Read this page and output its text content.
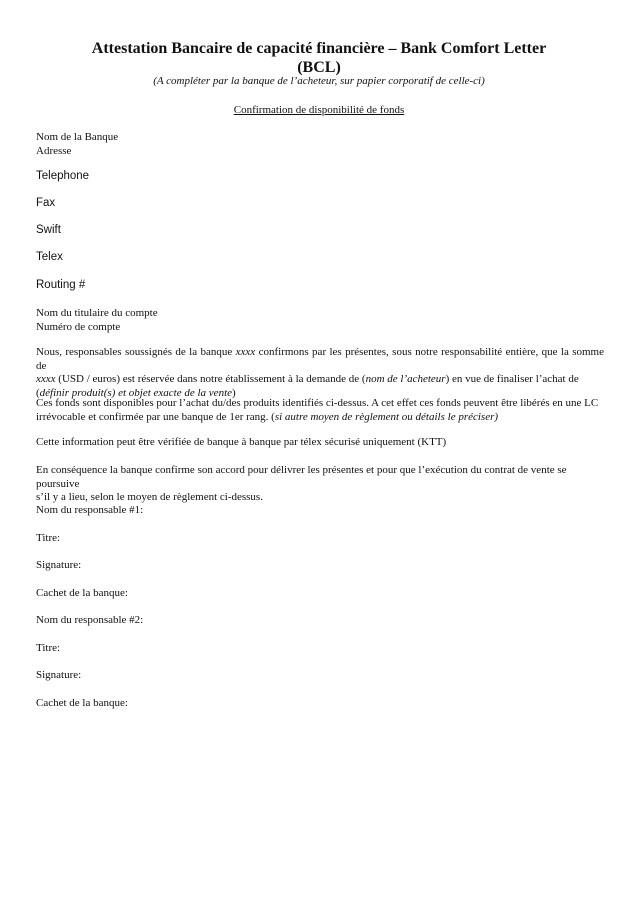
Attestation Bancaire de capacité financière – Bank Comfort Letter
(BCL)
(A compléter par la banque de l’acheteur, sur papier corporatif de celle-ci)
Confirmation de disponibilité de fonds
Nom de la Banque
Adresse
Telephone
Fax
Swift
Telex
Routing #
Nom du titulaire du compte
Numéro de compte
Nous, responsables soussignés de la banque xxxx confirmons par les présentes, sous notre responsabilité entière, que la somme de
xxxx (USD / euros) est réservée dans notre établissement à la demande de (nom de l’acheteur) en vue de finaliser l’achat de
(définir produit(s) et objet exacte de la vente)
Ces fonds sont disponibles pour l’achat du/des produits identifiés ci-dessus. A cet effet ces fonds peuvent être libérés en une LC
irrévocable et confirmée par une banque de 1er rang. (si autre moyen de règlement ou détails le préciser)
Cette information peut être vérifiée de banque à banque par télex sécurisé uniquement (KTT)
En conséquence la banque confirme son accord pour délivrer les présentes et pour que l’exécution du contrat de vente se poursuive
s’il y a lieu, selon le moyen de règlement ci-dessus.
Nom du responsable #1:
Titre:
Signature:
Cachet de la banque:
Nom du responsable #2:
Titre:
Signature:
Cachet de la banque:
